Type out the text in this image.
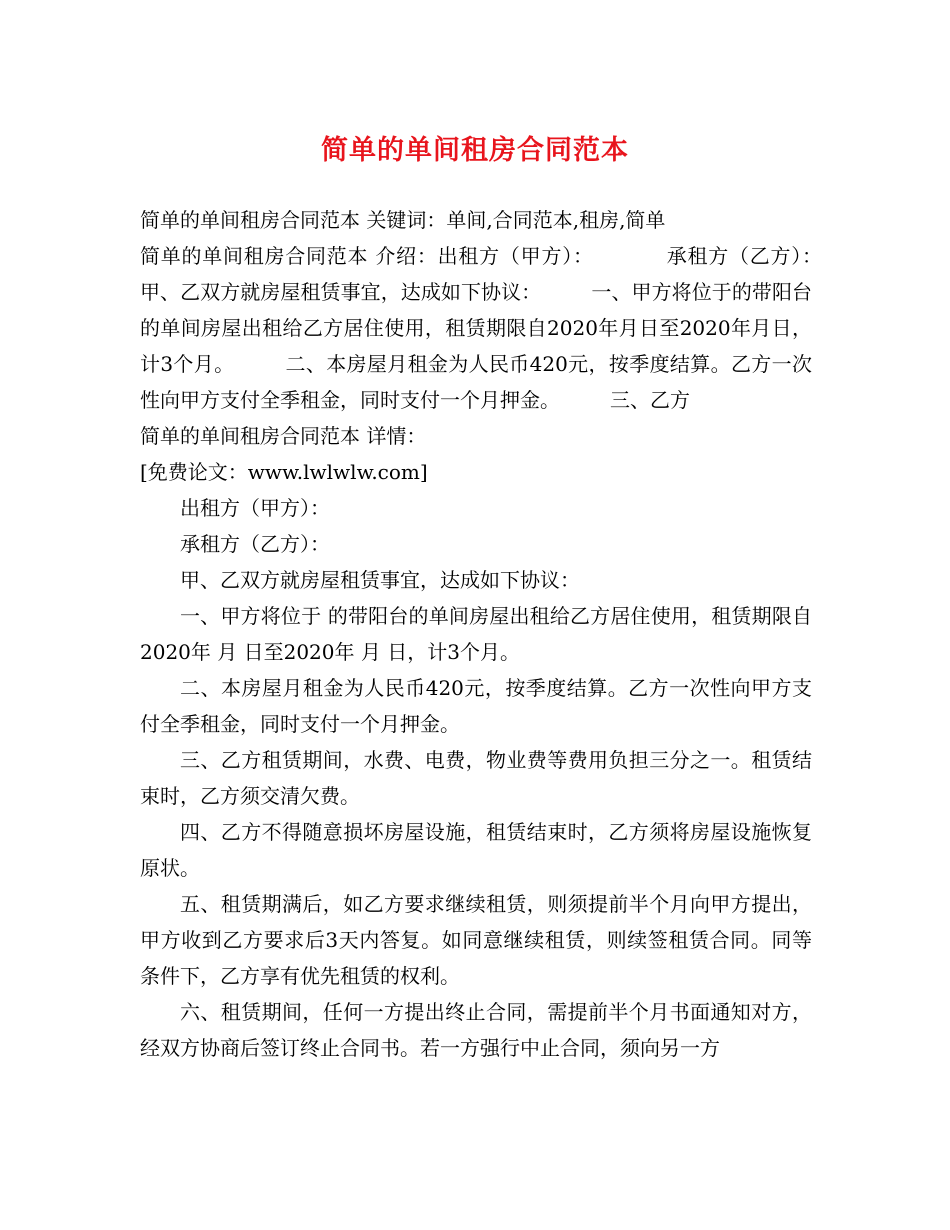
简单的单间租房合同范本

简单的单间租房合同范本 关键词：单间,合同范本,租房,简单

简单的单间租房合同范本 介绍：出租方（甲方）：　　　　承租方（乙方）：　　　甲、乙双方就房屋租赁事宜，达成如下协议：　　　一、甲方将位于的带阳台的单间房屋出租给乙方居住使用，租赁期限自2020年月日至2020年月日，计3个月。　　　二、本房屋月租金为人民币420元，按季度结算。乙方一次性向甲方支付全季租金，同时支付一个月押金。　　　三、乙方

简单的单间租房合同范本 详情：

[免费论文：www.lwlwlw.com]

出租方（甲方）：

承租方（乙方）：

甲、乙双方就房屋租赁事宜，达成如下协议：

一、甲方将位于 的带阳台的单间房屋出租给乙方居住使用，租赁期限自2020年 月 日至2020年 月 日，计3个月。

二、本房屋月租金为人民币420元，按季度结算。乙方一次性向甲方支付全季租金，同时支付一个月押金。

三、乙方租赁期间，水费、电费，物业费等费用负担三分之一。租赁结束时，乙方须交清欠费。

四、乙方不得随意损坏房屋设施，租赁结束时，乙方须将房屋设施恢复原状。

五、租赁期满后，如乙方要求继续租赁，则须提前半个月向甲方提出，甲方收到乙方要求后3天内答复。如同意继续租赁，则续签租赁合同。同等条件下，乙方享有优先租赁的权利。

六、租赁期间，任何一方提出终止合同，需提前半个月书面通知对方，经双方协商后签订终止合同书。若一方强行中止合同，须向另一方
